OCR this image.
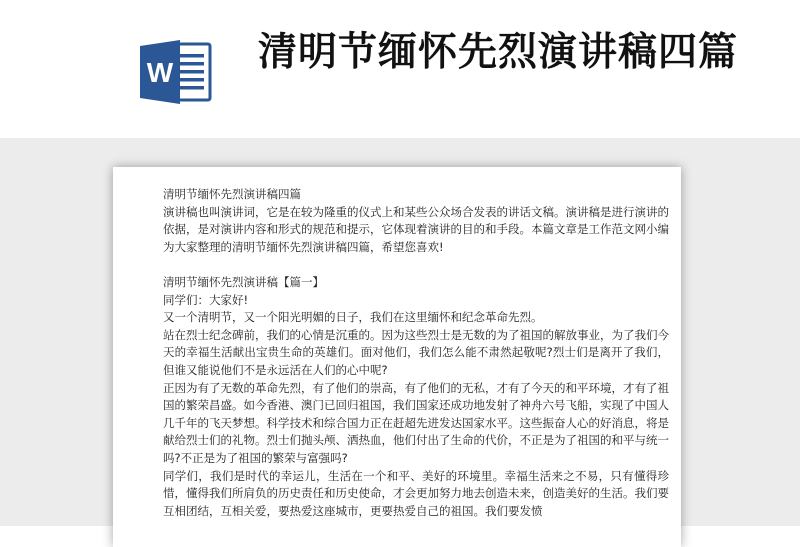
W 清明节缅怀先烈演讲稿四篇

清明节缅怀先烈演讲稿四篇

演讲稿也叫演讲词，它是在较为隆重的仪式上和某些公众场合发表的讲话文稿。演讲稿是进行演讲的依据，是对演讲内容和形式的规范和提示，它体现着演讲的目的和手段。本篇文章是工作范文网小编为大家整理的清明节缅怀先烈演讲稿四篇，希望您喜欢!

清明节缅怀先烈演讲稿【篇一】

同学们：大家好!

又一个清明节，又一个阳光明媚的日子，我们在这里缅怀和纪念革命先烈。

站在烈士纪念碑前，我们的心情是沉重的。因为这些烈士是无数的为了祖国的解放事业，为了我们今天的幸福生活献出宝贵生命的英雄们。面对他们，我们怎么能不肃然起敬呢?烈士们是离开了我们，但谁又能说他们不是永远活在人们的心中呢?

正因为有了无数的革命先烈，有了他们的崇高，有了他们的无私，才有了今天的和平环境，才有了祖国的繁荣昌盛。如今香港、澳门已回归祖国，我们国家还成功地发射了神舟六号飞船，实现了中国人几千年的飞天梦想。科学技术和综合国力正在赶超先进发达国家水平。这些振奋人心的好消息，将是献给烈士们的礼物。烈士们抛头颅、洒热血，他们付出了生命的代价，不正是为了祖国的和平与统一吗?不正是为了祖国的繁荣与富强吗?

同学们，我们是时代的幸运儿，生活在一个和平、美好的环境里。幸福生活来之不易，只有懂得珍惜，懂得我们所肩负的历史责任和历史使命，才会更加努力地去创造未来，创造美好的生活。我们要互相团结，互相关爱，要热爱这座城市，更要热爱自己的祖国。我们要发愤
